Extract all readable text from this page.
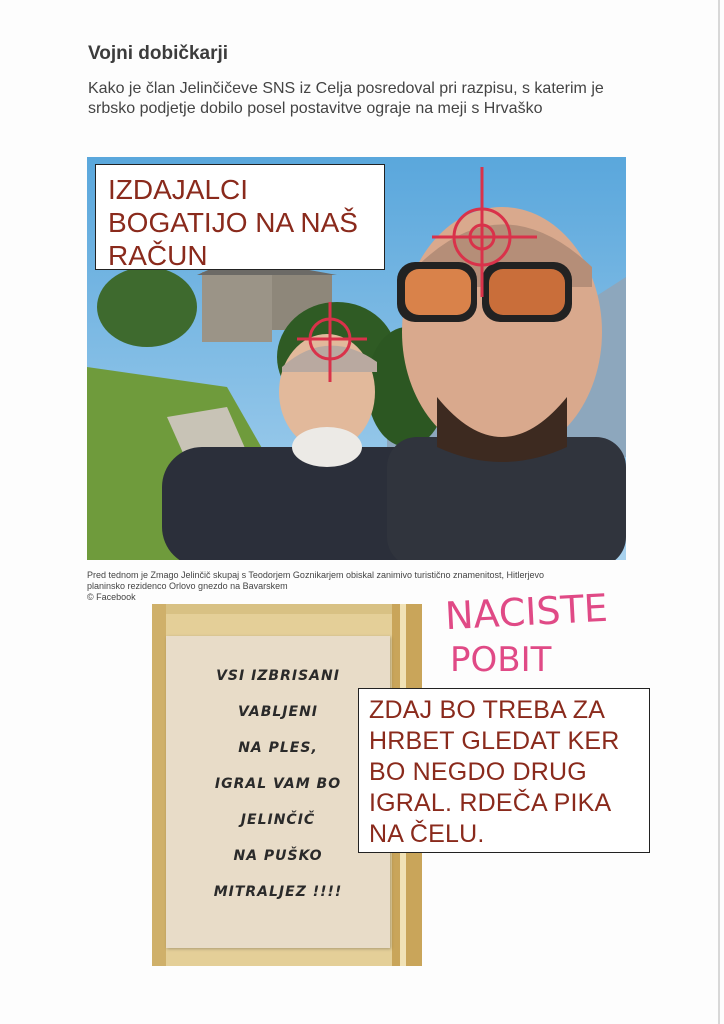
Vojni dobičkarji
Kako je član Jelinčičeve SNS iz Celja posredoval pri razpisu, s katerim je srbsko podjetje dobilo posel postavitve ograje na meji s Hrvaško
IZDAJALCI
BOGATIJO NA NAŠ
RAČUN
Pred tednom je Zmago Jelinčič skupaj s Teodorjem Goznikarjem obiskal zanimivo turistično znamenitost, Hitlerjevo
planinsko rezidenco Orlovo gnezdo na Bavarskem
© Facebook
VSI IZBRISANI
VABLJENI
NA PLES,
IGRAL VAM BO
JELINČIČ
NA PUŠKO
MITRALJEZ !!!!
NACISTE
POBIT
ZDAJ BO TREBA ZA
HRBET GLEDAT KER
BO NEGDO DRUG
IGRAL. RDEČA PIKA
NA ČELU.
